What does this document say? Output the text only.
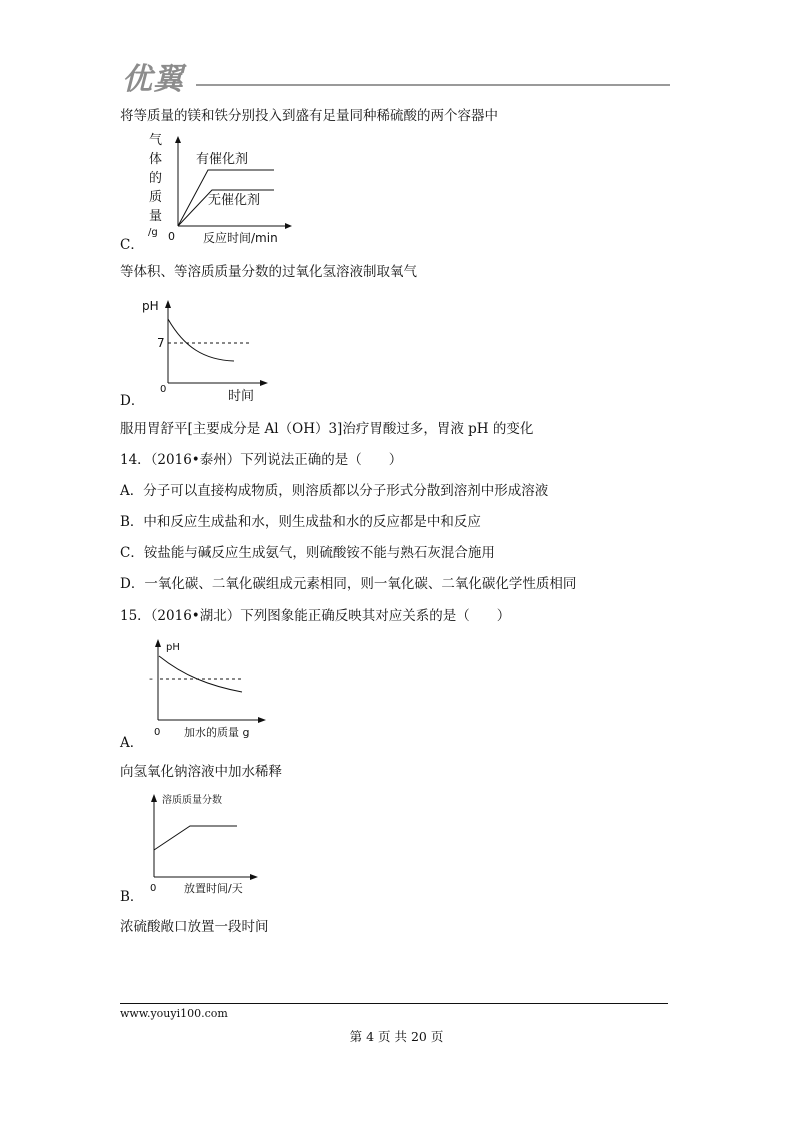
优翼
将等质量的镁和铁分别投入到盛有足量同种稀硫酸的两个容器中
气
体
的
质
量
/g 0
有催化剂
无催化剂
反应时间/min
C．
等体积、等溶质质量分数的过氧化氢溶液制取氧气
pH
7
0	时间
D．
服用胃舒平[主要成分是 Al（OH）3]治疗胃酸过多，胃液 pH 的变化
14．（2016•泰州）下列说法正确的是（　　）
A．分子可以直接构成物质，则溶质都以分子形式分散到溶剂中形成溶液
B．中和反应生成盐和水，则生成盐和水的反应都是中和反应
C．铵盐能与碱反应生成氨气，则硫酸铵不能与熟石灰混合施用
D．一氧化碳、二氧化碳组成元素相同，则一氧化碳、二氧化碳化学性质相同
15．（2016•湖北）下列图象能正确反映其对应关系的是（　　）
pH
-
0 加水的质量 g
A．
向氢氧化钠溶液中加水稀释
溶质质量分数
0	放置时间/天
B．
浓硫酸敞口放置一段时间
www.youyi100.com
第 4 页 共 20 页
